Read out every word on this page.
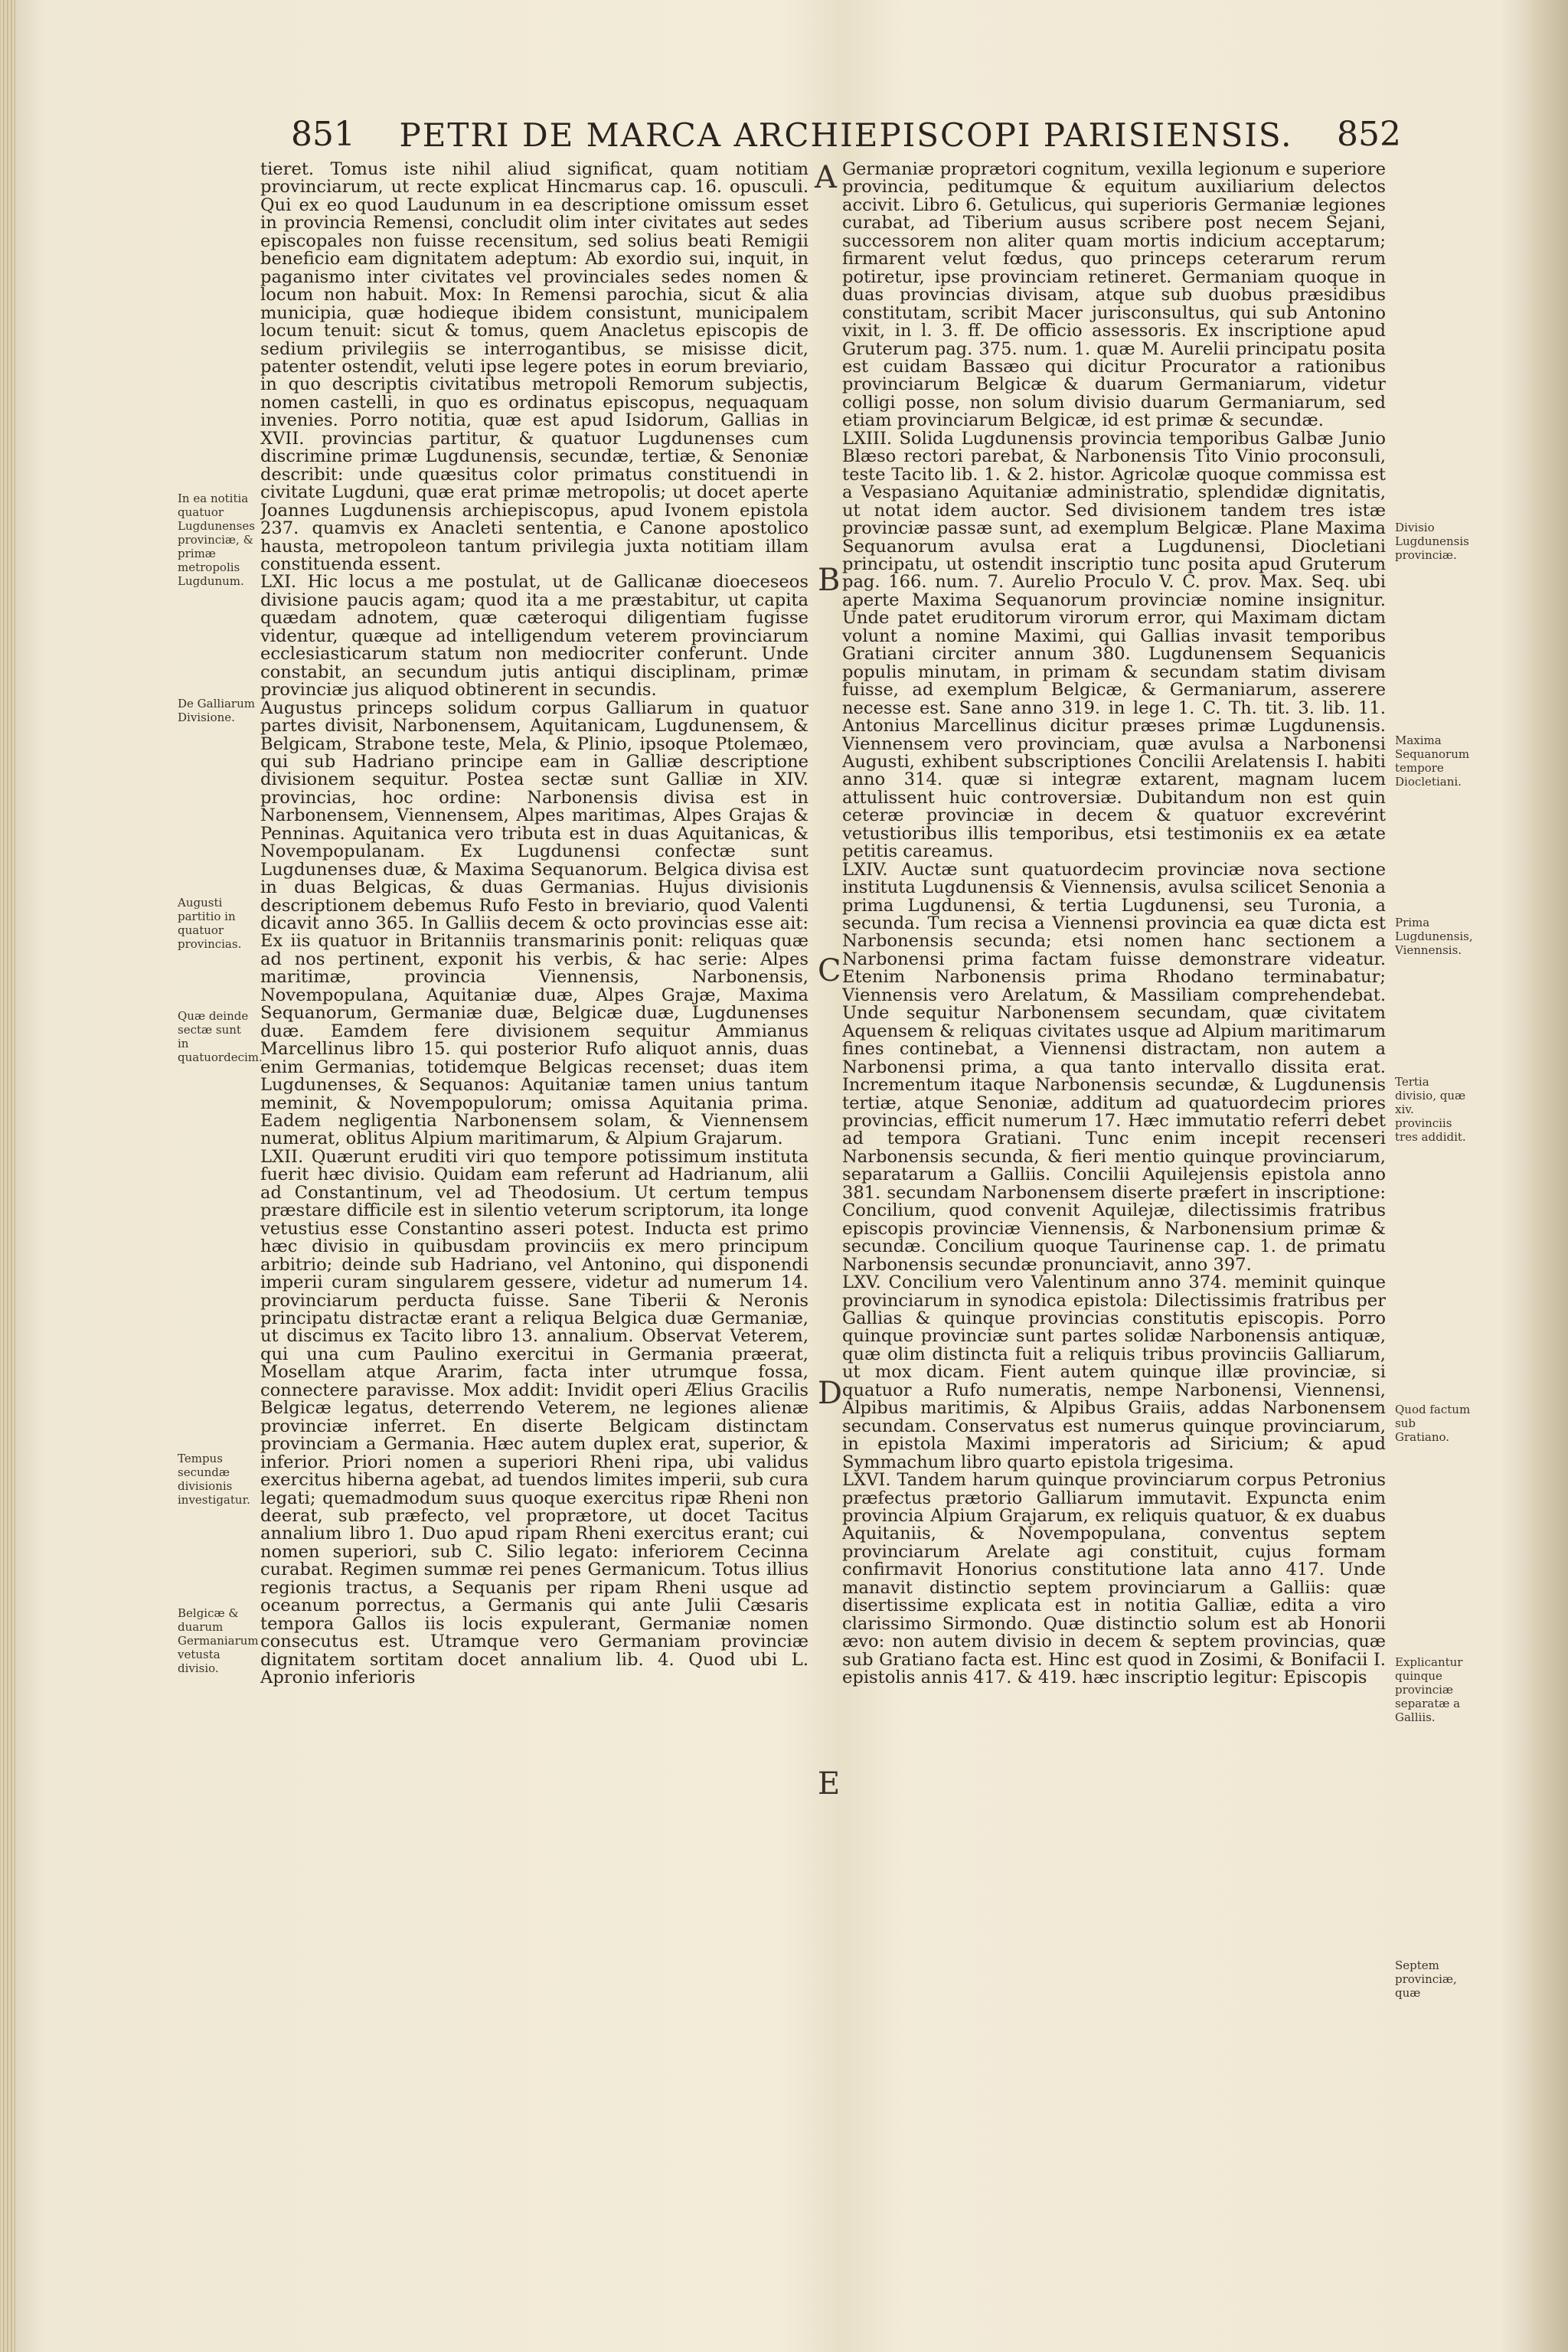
851	PETRI DE MARCA ARCHIEPISCOPI PARISIENSIS.	852
tieret. Tomus iste nihil aliud significat, quam notitiam provinciarum, ut recte explicat Hincmarus cap. 16. opusculi. Qui ex eo quod Laudunum in ea descriptione omissum esset in provincia Remensi, concludit olim inter civitates aut sedes episcopales non fuisse recensitum, sed solius beati Remigii beneficio eam dignitatem adeptum: Ab exordio sui, inquit, in paganismo inter civitates vel provinciales sedes nomen & locum non habuit. Mox: In Remensi parochia, sicut & alia municipia, quæ hodieque ibidem consistunt, municipalem locum tenuit: sicut & tomus, quem Anacletus episcopis de sedium privilegiis se interrogantibus, se misisse dicit, patenter ostendit, veluti ipse legere potes in eorum breviario, in quo descriptis civitatibus metropoli Remorum subjectis, nomen castelli, in quo es ordinatus episcopus, nequaquam invenies. Porro notitia, quæ est apud Isidorum, Gallias in XVII. provincias partitur, & quatuor Lugdunenses cum discrimine primæ Lugdunensis, secundæ, tertiæ, & Senoniæ describit: unde quæsitus color primatus constituendi in civitate Lugduni, quæ erat primæ metropolis; ut docet aperte Joannes Lugdunensis archiepiscopus, apud Ivonem epistola 237. quamvis ex Anacleti sententia, e Canone apostolico hausta, metropoleon tantum privilegia juxta notitiam illam constituenda essent.
LXI. Hic locus a me postulat, ut de Gallicanæ dioeceseos divisione paucis agam; quod ita a me præstabitur, ut capita quædam adnotem, quæ cæteroqui diligentiam fugisse videntur, quæque ad intelligendum veterem provinciarum ecclesiasticarum statum non mediocriter conferunt. Unde constabit, an secundum jutis antiqui disciplinam, primæ provinciæ jus aliquod obtinerent in secundis.
Augustus princeps solidum corpus Galliarum in quatuor partes divisit, Narbonensem, Aquitanicam, Lugdunensem, & Belgicam, Strabone teste, Mela, & Plinio, ipsoque Ptolemæo, qui sub Hadriano principe eam in Galliæ descriptione divisionem sequitur. Postea sectæ sunt Galliæ in XIV. provincias, hoc ordine: Narbonensis divisa est in Narbonensem, Viennensem, Alpes maritimas, Alpes Grajas & Penninas. Aquitanica vero tributa est in duas Aquitanicas, & Novempopulanam. Ex Lugdunensi confectæ sunt Lugdunenses duæ, & Maxima Sequanorum. Belgica divisa est in duas Belgicas, & duas Germanias. Hujus divisionis descriptionem debemus Rufo Festo in breviario, quod Valenti dicavit anno 365. In Galliis decem & octo provincias esse ait: Ex iis quatuor in Britanniis transmarinis ponit: reliquas quæ ad nos pertinent, exponit his verbis, & hac serie: Alpes maritimæ, provincia Viennensis, Narbonensis, Novempopulana, Aquitaniæ duæ, Alpes Grajæ, Maxima Sequanorum, Germaniæ duæ, Belgicæ duæ, Lugdunenses duæ. Eamdem fere divisionem sequitur Ammianus Marcellinus libro 15. qui posterior Rufo aliquot annis, duas enim Germanias, totidemque Belgicas recenset; duas item Lugdunenses, & Sequanos: Aquitaniæ tamen unius tantum meminit, & Novempopulorum; omissa Aquitania prima. Eadem negligentia Narbonensem solam, & Viennensem numerat, oblitus Alpium maritimarum, & Alpium Grajarum.
LXII. Quærunt eruditi viri quo tempore potissimum instituta fuerit hæc divisio. Quidam eam referunt ad Hadrianum, alii ad Constantinum, vel ad Theodosium. Ut certum tempus præstare difficile est in silentio veterum scriptorum, ita longe vetustius esse Constantino asseri potest. Inducta est primo hæc divisio in quibusdam provinciis ex mero principum arbitrio; deinde sub Hadriano, vel Antonino, qui disponendi imperii curam singularem gessere, videtur ad numerum 14. provinciarum perducta fuisse. Sane Tiberii & Neronis principatu distractæ erant a reliqua Belgica duæ Germaniæ, ut discimus ex Tacito libro 13. annalium. Observat Veterem, qui una cum Paulino exercitui in Germania præerat, Mosellam atque Ararim, facta inter utrumque fossa, connectere paravisse. Mox addit: Invidit operi Ælius Gracilis Belgicæ legatus, deterrendo Veterem, ne legiones alienæ provinciæ inferret. En diserte Belgicam distinctam provinciam a Germania. Hæc autem duplex erat, superior, & inferior. Priori nomen a superiori Rheni ripa, ubi validus exercitus hiberna agebat, ad tuendos limites imperii, sub cura legati; quemadmodum suus quoque exercitus ripæ Rheni non deerat, sub præfecto, vel proprætore, ut docet Tacitus annalium libro 1. Duo apud ripam Rheni exercitus erant; cui nomen superiori, sub C. Silio legato: inferiorem Cecinna curabat. Regimen summæ rei penes Germanicum. Totus illius regionis tractus, a Sequanis per ripam Rheni usque ad oceanum porrectus, a Germanis qui ante Julii Cæsaris tempora Gallos iis locis expulerant, Germaniæ nomen consecutus est. Utramque vero Germaniam provinciæ dignitatem sortitam docet annalium lib. 4. Quod ubi L. Apronio inferioris
Germaniæ proprætori cognitum, vexilla legionum e superiore provincia, peditumque & equitum auxiliarium delectos accivit. Libro 6. Getulicus, qui superioris Germaniæ legiones curabat, ad Tiberium ausus scribere post necem Sejani, successorem non aliter quam mortis indicium acceptarum; firmarent velut fœdus, quo princeps ceterarum rerum potiretur, ipse provinciam retineret. Germaniam quoque in duas provincias divisam, atque sub duobus præsidibus constitutam, scribit Macer jurisconsultus, qui sub Antonino vixit, in l. 3. ff. De officio assessoris. Ex inscriptione apud Gruterum pag. 375. num. 1. quæ M. Aurelii principatu posita est cuidam Bassæo qui dicitur Procurator a rationibus provinciarum Belgicæ & duarum Germaniarum, videtur colligi posse, non solum divisio duarum Germaniarum, sed etiam provinciarum Belgicæ, id est primæ & secundæ.
LXIII. Solida Lugdunensis provincia temporibus Galbæ Junio Blæso rectori parebat, & Narbonensis Tito Vinio proconsuli, teste Tacito lib. 1. & 2. histor. Agricolæ quoque commissa est a Vespasiano Aquitaniæ administratio, splendidæ dignitatis, ut notat idem auctor. Sed divisionem tandem tres istæ provinciæ passæ sunt, ad exemplum Belgicæ. Plane Maxima Sequanorum avulsa erat a Lugdunensi, Diocletiani principatu, ut ostendit inscriptio tunc posita apud Gruterum pag. 166. num. 7. Aurelio Proculo V. C. prov. Max. Seq. ubi aperte Maxima Sequanorum provinciæ nomine insignitur. Unde patet eruditorum virorum error, qui Maximam dictam volunt a nomine Maximi, qui Gallias invasit temporibus Gratiani circiter annum 380. Lugdunensem Sequanicis populis minutam, in primam & secundam statim divisam fuisse, ad exemplum Belgicæ, & Germaniarum, asserere necesse est. Sane anno 319. in lege 1. C. Th. tit. 3. lib. 11. Antonius Marcellinus dicitur præses primæ Lugdunensis. Viennensem vero provinciam, quæ avulsa a Narbonensi Augusti, exhibent subscriptiones Concilii Arelatensis I. habiti anno 314. quæ si integræ extarent, magnam lucem attulissent huic controversiæ. Dubitandum non est quin ceteræ provinciæ in decem & quatuor excrevérint vetustioribus illis temporibus, etsi testimoniis ex ea ætate petitis careamus.
LXIV. Auctæ sunt quatuordecim provinciæ nova sectione instituta Lugdunensis & Viennensis, avulsa scilicet Senonia a prima Lugdunensi, & tertia Lugdunensi, seu Turonia, a secunda. Tum recisa a Viennensi provincia ea quæ dicta est Narbonensis secunda; etsi nomen hanc sectionem a Narbonensi prima factam fuisse demonstrare videatur. Etenim Narbonensis prima Rhodano terminabatur; Viennensis vero Arelatum, & Massiliam comprehendebat. Unde sequitur Narbonensem secundam, quæ civitatem Aquensem & reliquas civitates usque ad Alpium maritimarum fines continebat, a Viennensi distractam, non autem a Narbonensi prima, a qua tanto intervallo dissita erat. Incrementum itaque Narbonensis secundæ, & Lugdunensis tertiæ, atque Senoniæ, additum ad quatuordecim priores provincias, efficit numerum 17. Hæc immutatio referri debet ad tempora Gratiani. Tunc enim incepit recenseri Narbonensis secunda, & fieri mentio quinque provinciarum, separatarum a Galliis. Concilii Aquilejensis epistola anno 381. secundam Narbonensem diserte præfert in inscriptione: Concilium, quod convenit Aquilejæ, dilectissimis fratribus episcopis provinciæ Viennensis, & Narbonensium primæ & secundæ. Concilium quoque Taurinense cap. 1. de primatu Narbonensis secundæ pronunciavit, anno 397.
LXV. Concilium vero Valentinum anno 374. meminit quinque provinciarum in synodica epistola: Dilectissimis fratribus per Gallias & quinque provincias constitutis episcopis. Porro quinque provinciæ sunt partes solidæ Narbonensis antiquæ, quæ olim distincta fuit a reliquis tribus provinciis Galliarum, ut mox dicam. Fient autem quinque illæ provinciæ, si quatuor a Rufo numeratis, nempe Narbonensi, Viennensi, Alpibus maritimis, & Alpibus Graiis, addas Narbonensem secundam. Conservatus est numerus quinque provinciarum, in epistola Maximi imperatoris ad Siricium; & apud Symmachum libro quarto epistola trigesima.
LXVI. Tandem harum quinque provinciarum corpus Petronius præfectus prætorio Galliarum immutavit. Expuncta enim provincia Alpium Grajarum, ex reliquis quatuor, & ex duabus Aquitaniis, & Novempopulana, conventus septem provinciarum Arelate agi constituit, cujus formam confirmavit Honorius constitutione lata anno 417. Unde manavit distinctio septem provinciarum a Galliis: quæ disertissime explicata est in notitia Galliæ, edita a viro clarissimo Sirmondo. Quæ distinctio solum est ab Honorii ævo: non autem divisio in decem & septem provincias, quæ sub Gratiano facta est. Hinc est quod in Zosimi, & Bonifacii I. epistolis annis 417. & 419. hæc inscriptio legitur: Episcopis
A
B
C
D
E
In ea notitia quatuor Lugdunenses provinciæ, & primæ metropolis Lugdunum.
De Galliarum Divisione.
Augusti partitio in quatuor provincias.
Quæ deinde sectæ sunt in quatuordecim.
Tempus secundæ divisionis investigatur.
Belgicæ & duarum Germaniarum vetusta divisio.
Divisio Lugdunensis provinciæ.
Maxima Sequanorum tempore Diocletiani.
Prima Lugdunensis, Viennensis.
Tertia divisio, quæ xiv. provinciis tres addidit.
Quod factum sub Gratiano.
Explicantur quinque provinciæ separatæ a Galliis.
Septem provinciæ, quæ
